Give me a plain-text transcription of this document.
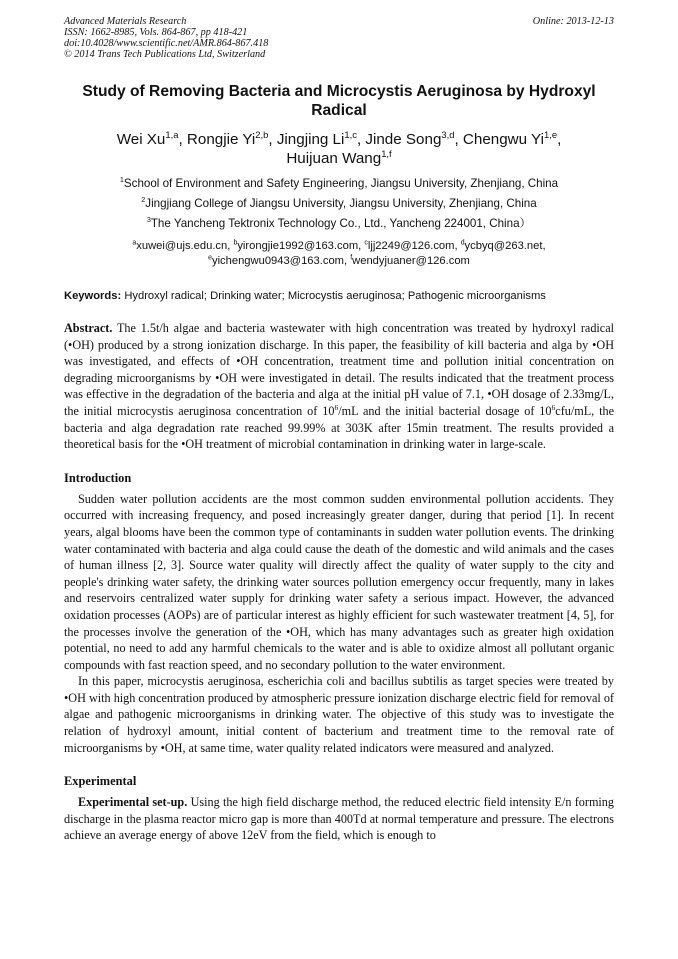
Advanced Materials Research
ISSN: 1662-8985, Vols. 864-867, pp 418-421
doi:10.4028/www.scientific.net/AMR.864-867.418
© 2014 Trans Tech Publications Ltd, Switzerland
Online: 2013-12-13
Study of Removing Bacteria and Microcystis Aeruginosa by Hydroxyl Radical
Wei Xu$^{1,a}$, Rongjie Yi$^{2,b}$, Jingjing Li$^{1,c}$, Jinde Song$^{3,d}$, Chengwu Yi$^{1,e}$,
Huijuan Wang$^{1,f}$
$^1$School of Environment and Safety Engineering, Jiangsu University, Zhenjiang, China
$^2$Jingjiang College of Jiangsu University, Jiangsu University, Zhenjiang, China
$^3$The Yancheng Tektronix Technology Co., Ltd., Yancheng 224001, China）
$^a$xuwei@ujs.edu.cn, $^b$yirongjie1992@163.com, $^c$ljj2249@126.com, $^d$ycbyq@263.net,
$^e$yichengwu0943@163.com, $^f$wendyjuaner@126.com
Keywords: Hydroxyl radical; Drinking water; Microcystis aeruginosa; Pathogenic microorganisms

Abstract. The 1.5t/h algae and bacteria wastewater with high concentration was treated by hydroxyl radical (•OH) produced by a strong ionization discharge. In this paper, the feasibility of kill bacteria and alga by •OH was investigated, and effects of •OH concentration, treatment time and pollution initial concentration on degrading microorganisms by •OH were investigated in detail. The results indicated that the treatment process was effective in the degradation of the bacteria and alga at the initial pH value of 7.1, •OH dosage of 2.33mg/L, the initial microcystis aeruginosa concentration of $10^6/mL$ and the initial bacterial dosage of $10^6cfu/mL$, the bacteria and alga degradation rate reached 99.99% at 303K after 15min treatment. The results provided a theoretical basis for the •OH treatment of microbial contamination in drinking water in large-scale.

Introduction

Sudden water pollution accidents are the most common sudden environmental pollution accidents. They occurred with increasing frequency, and posed increasingly greater danger, during that period [1]. In recent years, algal blooms have been the common type of contaminants in sudden water pollution events. The drinking water contaminated with bacteria and alga could cause the death of the domestic and wild animals and the cases of human illness [2, 3]. Source water quality will directly affect the quality of water supply to the city and people's drinking water safety, the drinking water sources pollution emergency occur frequently, many in lakes and reservoirs centralized water supply for drinking water safety a serious impact. However, the advanced oxidation processes (AOPs) are of particular interest as highly efficient for such wastewater treatment [4, 5], for the processes involve the generation of the •OH, which has many advantages such as greater high oxidation potential, no need to add any harmful chemicals to the water and is able to oxidize almost all pollutant organic compounds with fast reaction speed, and no secondary pollution to the water environment.

In this paper, microcystis aeruginosa, escherichia coli and bacillus subtilis as target species were treated by •OH with high concentration produced by atmospheric pressure ionization discharge electric field for removal of algae and pathogenic microorganisms in drinking water. The objective of this study was to investigate the relation of hydroxyl amount, initial content of bacterium and treatment time to the removal rate of microorganisms by •OH, at same time, water quality related indicators were measured and analyzed.

Experimental

Experimental set-up. Using the high field discharge method, the reduced electric field intensity E/n forming discharge in the plasma reactor micro gap is more than 400Td at normal temperature and pressure. The electrons achieve an average energy of above 12eV from the field, which is enough to
